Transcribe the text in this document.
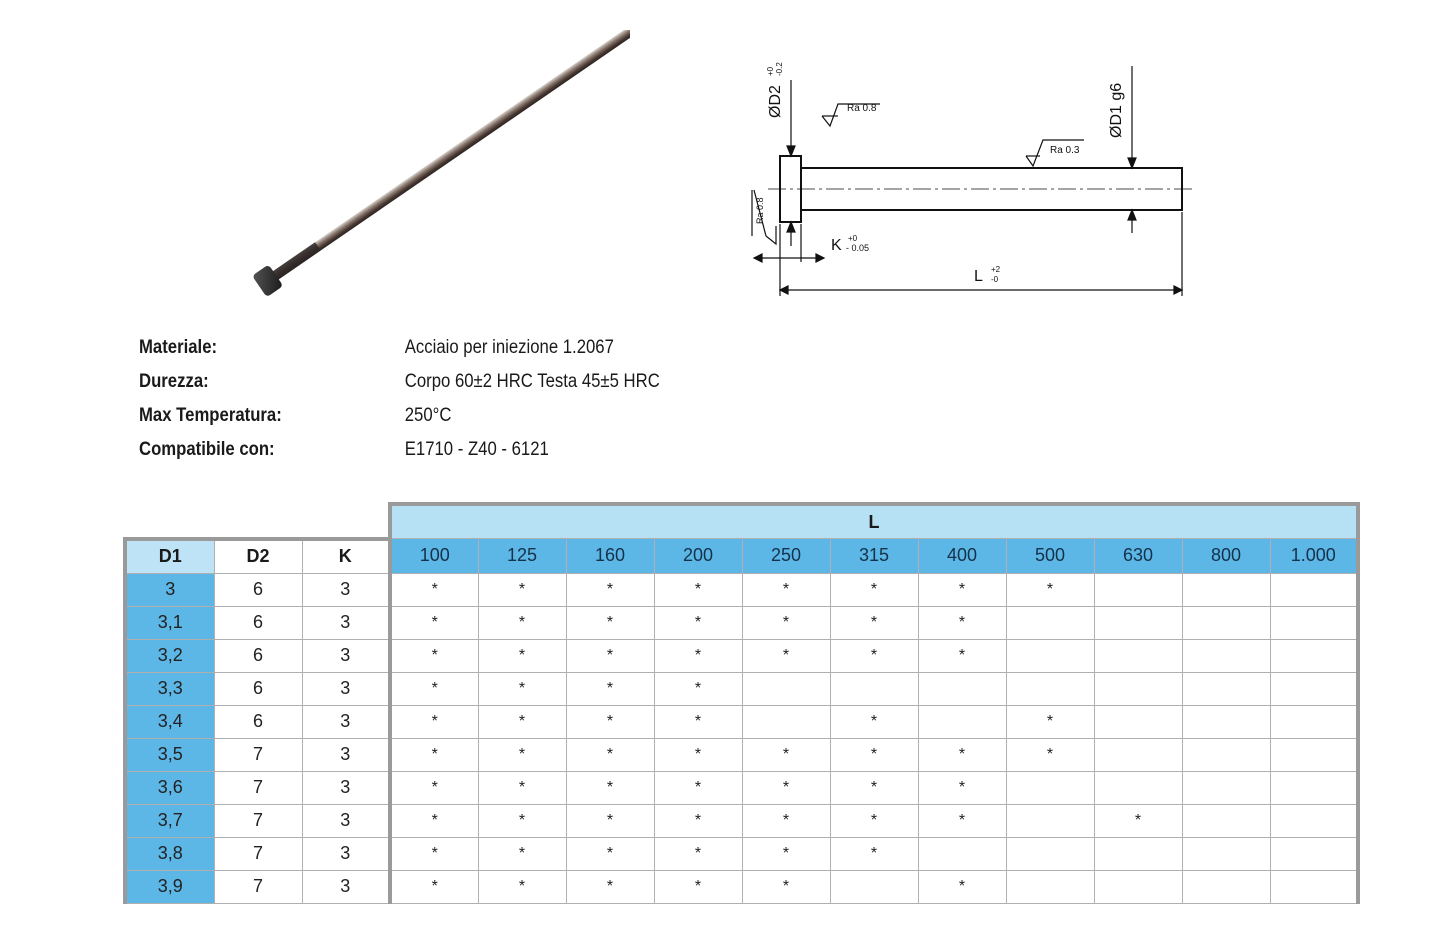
ØD2
+0 -0.2
ØD1 g6
Ra 0.8
Ra 0.3
Ra 0.8
K +0
- 0.05
L +2
-0
Materiale:	Acciaio per iniezione 1.2067
Durezza:	Corpo 60±2 HRC Testa 45±5 HRC
Max Temperatura:	250°C
Compatibile con:	E1710 - Z40 - 6121
			L										
D1	D2	K	100	125	160	200	250	315	400	500	630	800	1.000
3	6	3	*	*	*	*	*	*	*	*			
3,1	6	3	*	*	*	*	*	*	*				
3,2	6	3	*	*	*	*	*	*	*				
3,3	6	3	*	*	*	*							
3,4	6	3	*	*	*	*		*		*			
3,5	7	3	*	*	*	*	*	*	*	*			
3,6	7	3	*	*	*	*	*	*	*				
3,7	7	3	*	*	*	*	*	*	*		*		
3,8	7	3	*	*	*	*	*	*					
3,9	7	3	*	*	*	*	*		*				
